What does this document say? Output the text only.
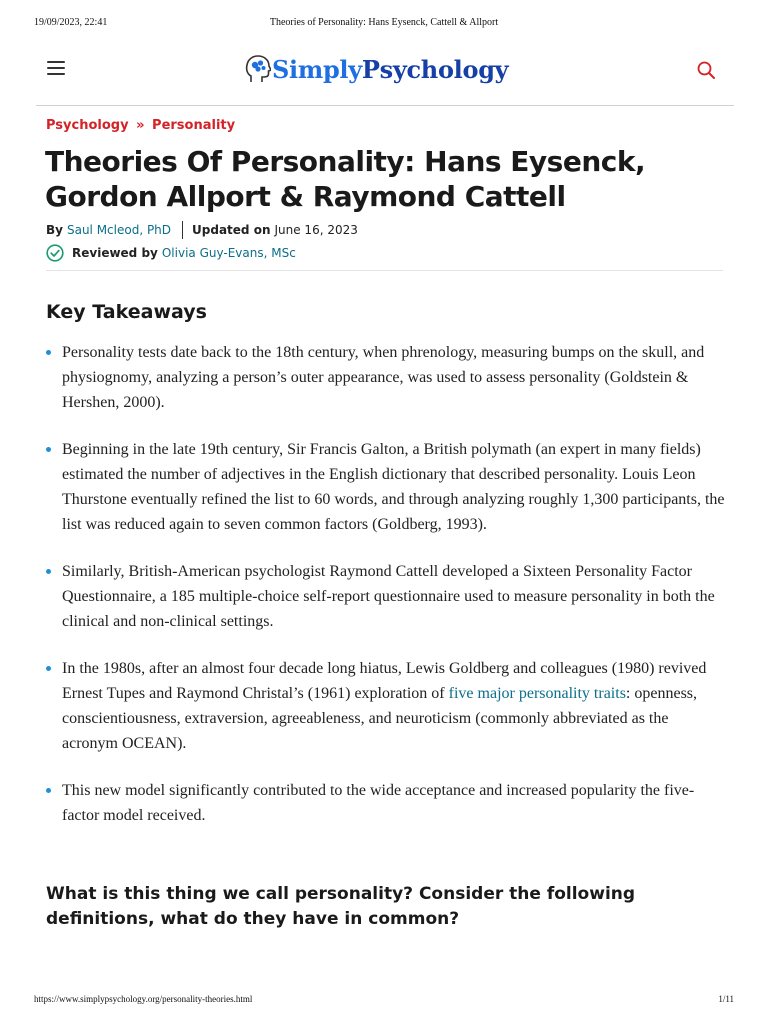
19/09/2023, 22:41	Theories of Personality: Hans Eysenck, Cattell & Allport
SimplyPsychology
Psychology » Personality
Theories Of Personality: Hans Eysenck, Gordon Allport & Raymond Cattell
By Saul Mcleod, PhD Updated on June 16, 2023
Reviewed by Olivia Guy-Evans, MSc
Key Takeaways
Personality tests date back to the 18th century, when phrenology, measuring bumps on the skull, and physiognomy, analyzing a person’s outer appearance, was used to assess personality (Goldstein & Hershen, 2000).
Beginning in the late 19th century, Sir Francis Galton, a British polymath (an expert in many fields) estimated the number of adjectives in the English dictionary that described personality. Louis Leon Thurstone eventually refined the list to 60 words, and through analyzing roughly 1,300 participants, the list was reduced again to seven common factors (Goldberg, 1993).
Similarly, British-American psychologist Raymond Cattell developed a Sixteen Personality Factor Questionnaire, a 185 multiple-choice self-report questionnaire used to measure personality in both the clinical and non-clinical settings.
In the 1980s, after an almost four decade long hiatus, Lewis Goldberg and colleagues (1980) revived Ernest Tupes and Raymond Christal’s (1961) exploration of five major personality traits: openness, conscientiousness, extraversion, agreeableness, and neuroticism (commonly abbreviated as the acronym OCEAN).
This new model significantly contributed to the wide acceptance and increased popularity the five-factor model received.
What is this thing we call personality? Consider the following definitions, what do they have in common?
https://www.simplypsychology.org/personality-theories.html	1/11
